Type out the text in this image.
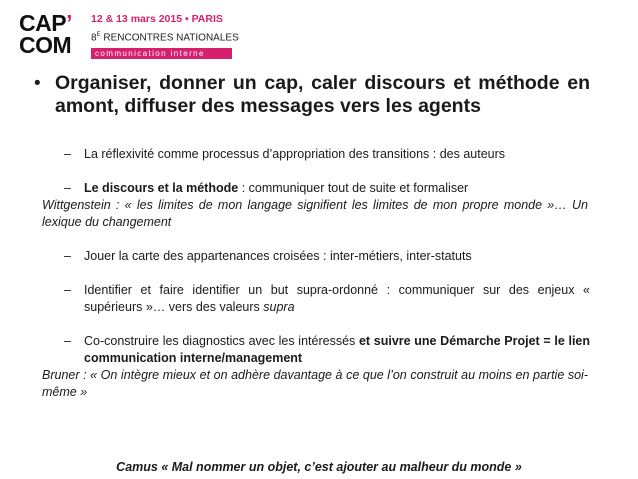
CAP’
COM
12 & 13 mars 2015 • PARIS
$8^E$ RENCONTRES NATIONALES
communication interne
• Organiser, donner un cap, caler discours et méthode en amont, diffuser des messages vers les agents
– La réflexivité comme processus d’appropriation des transitions : des auteurs
– Le discours et la méthode : communiquer tout de suite et formaliser
Wittgenstein : « les limites de mon langage signifient les limites de mon propre monde »… Un lexique du changement
– Jouer la carte des appartenances croisées : inter-métiers, inter-statuts
– Identifier et faire identifier un but supra-ordonné : communiquer sur des enjeux « supérieurs »… vers des valeurs supra
– Co-construire les diagnostics avec les intéressés et suivre une Démarche Projet = le lien communication interne/management
Bruner : « On intègre mieux et on adhère davantage à ce que l’on construit au moins en partie soi-même »
Camus « Mal nommer un objet, c’est ajouter au malheur du monde »
